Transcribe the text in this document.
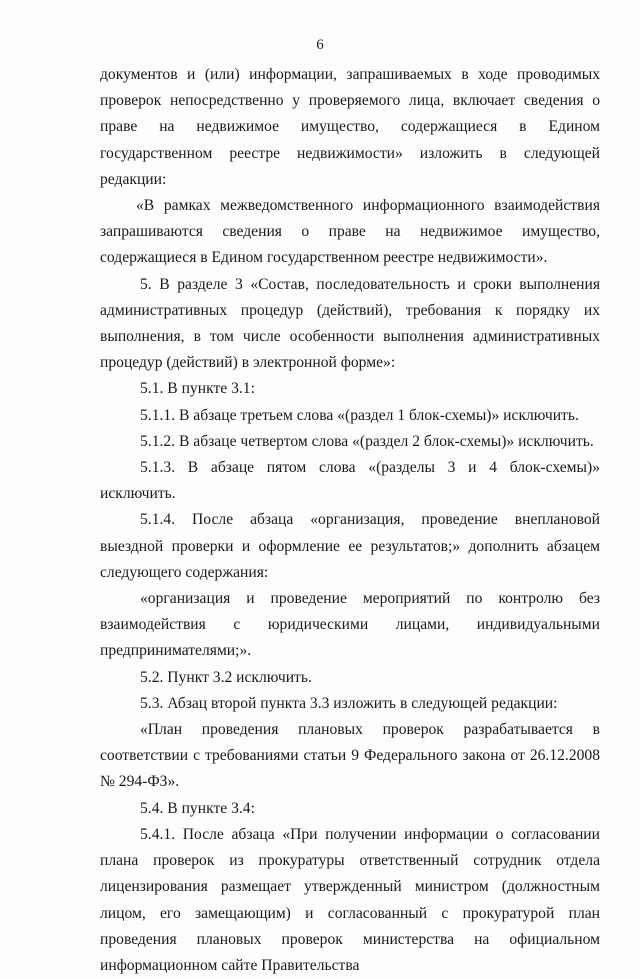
6

документов и (или) информации, запрашиваемых в ходе проводимых проверок непосредственно у проверяемого лица, включает сведения о праве на недвижимое имущество, содержащиеся в Едином государственном реестре недвижимости» изложить в следующей редакции:

«В рамках межведомственного информационного взаимодействия запрашиваются сведения о праве на недвижимое имущество, содержащиеся в Едином государственном реестре недвижимости».

5. В разделе 3 «Состав, последовательность и сроки выполнения административных процедур (действий), требования к порядку их выполнения, в том числе особенности выполнения административных процедур (действий) в электронной форме»:

5.1. В пункте 3.1:

5.1.1. В абзаце третьем слова «(раздел 1 блок-схемы)» исключить.

5.1.2. В абзаце четвертом слова «(раздел 2 блок-схемы)» исключить.

5.1.3. В абзаце пятом слова «(разделы 3 и 4 блок-схемы)» исключить.

5.1.4. После абзаца «организация, проведение внеплановой выездной проверки и оформление ее результатов;» дополнить абзацем следующего содержания:

«организация и проведение мероприятий по контролю без взаимодействия с юридическими лицами, индивидуальными предпринимателями;».

5.2. Пункт 3.2 исключить.

5.3. Абзац второй пункта 3.3 изложить в следующей редакции:

«План проведения плановых проверок разрабатывается в соответствии с требованиями статьи 9 Федерального закона от 26.12.2008 № 294-ФЗ».

5.4. В пункте 3.4:

5.4.1. После абзаца «При получении информации о согласовании плана проверок из прокуратуры ответственный сотрудник отдела лицензирования размещает утвержденный министром (должностным лицом, его замещающим) и согласованный с прокуратурой план проведения плановых проверок министерства на официальном информационном сайте Правительства
